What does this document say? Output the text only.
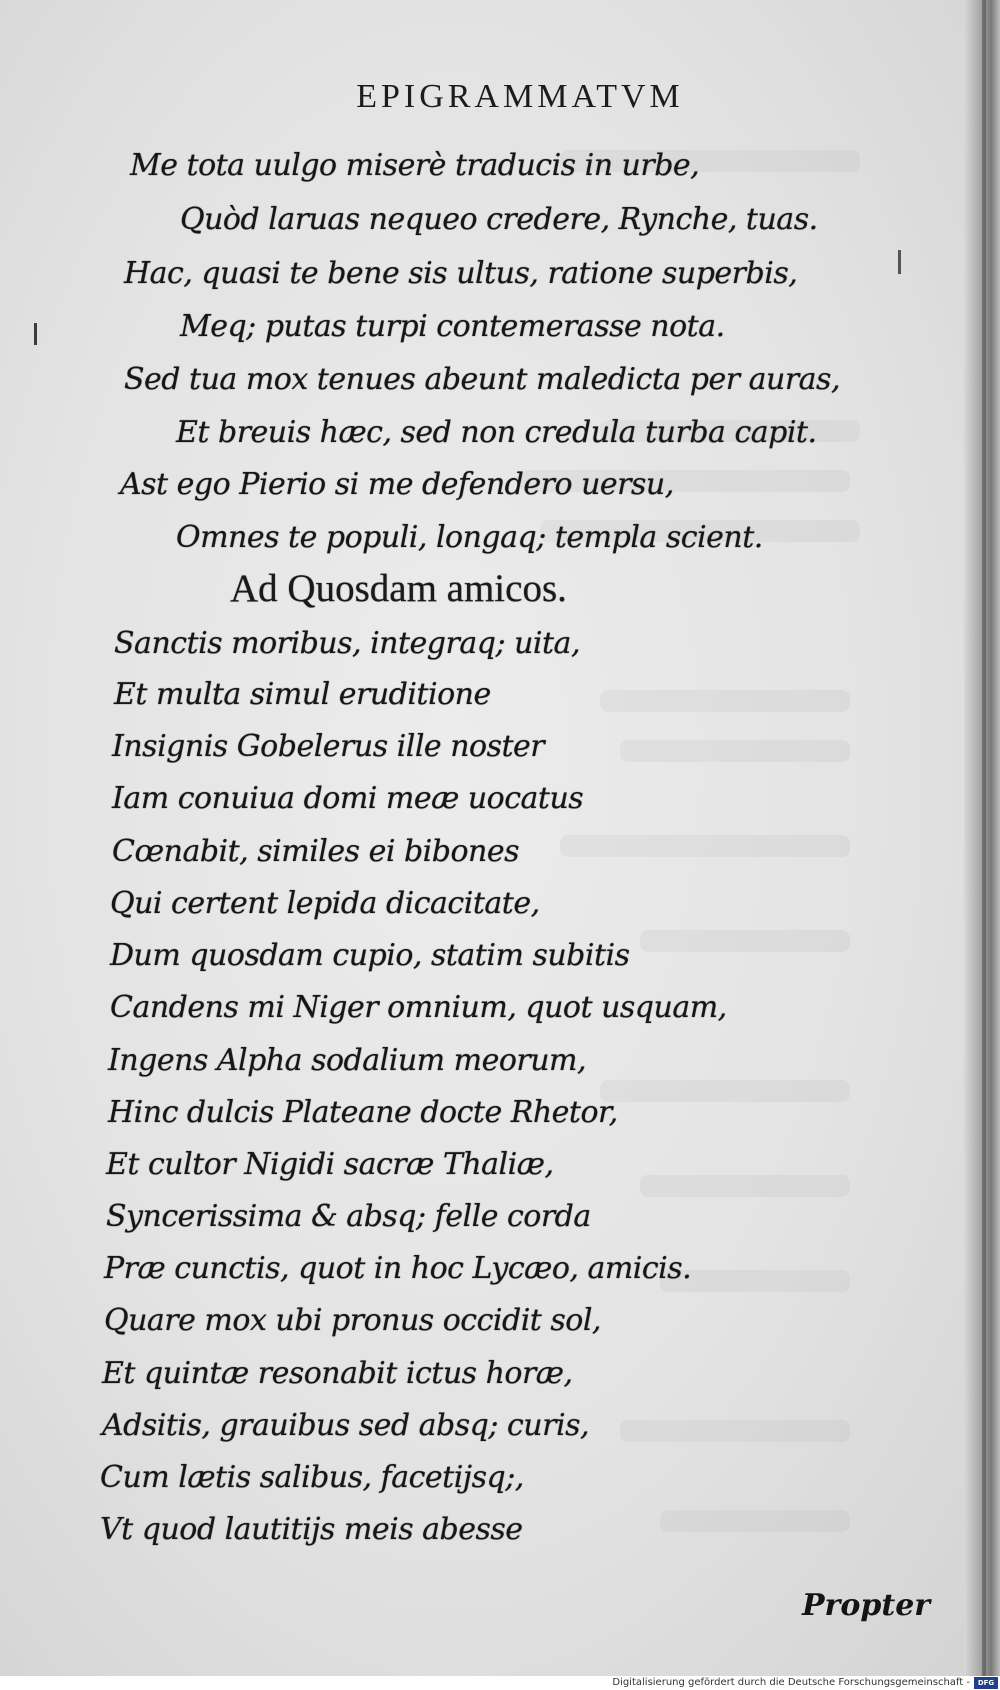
EPIGRAMMATVM
Me tota uulgo miserè traducis in urbe,
Quòd laruas nequeo credere, Rynche, tuas.
Hac, quasi te bene sis ultus, ratione superbis,
Meq; putas turpi contemerasse nota.
Sed tua mox tenues abeunt maledicta per auras,
Et breuis hæc, sed non credula turba capit.
Ast ego Pierio si me defendero uersu,
Omnes te populi, longaq; templa scient.
Ad Quosdam amicos.
Sanctis moribus, integraq; uita,
Et multa simul eruditione
Insignis Gobelerus ille noster
Iam conuiua domi meæ uocatus
Cœnabit, similes ei bibones
Qui certent lepida dicacitate,
Dum quosdam cupio, statim subitis
Candens mi Niger omnium, quot usquam,
Ingens Alpha sodalium meorum,
Hinc dulcis Plateane docte Rhetor,
Et cultor Nigidi sacræ Thaliæ,
Syncerissima & absq; felle corda
Præ cunctis, quot in hoc Lycæo, amicis.
Quare mox ubi pronus occidit sol,
Et quintæ resonabit ictus horæ,
Adsitis, grauibus sed absq; curis,
Cum lætis salibus, facetijsq;,
Vt quod lautitijs meis abesse
Propter
Digitalisierung gefördert durch die Deutsche Forschungsgemeinschaft -	DFG
